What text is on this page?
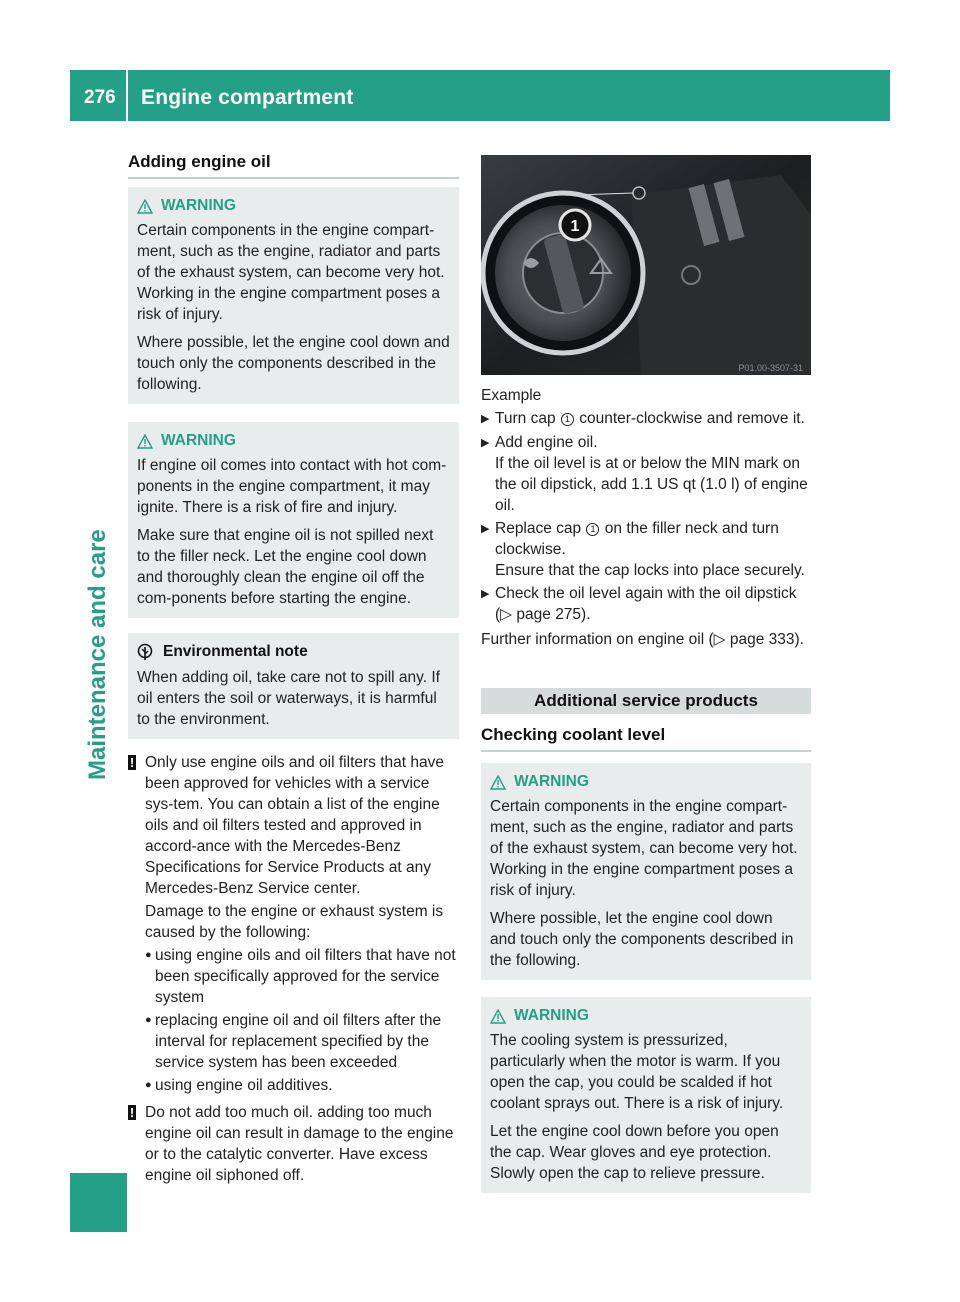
276 Engine compartment
Maintenance and care
Adding engine oil
WARNING

Certain components in the engine compart-ment, such as the engine, radiator and parts of the exhaust system, can become very hot. Working in the engine compartment poses a risk of injury.

Where possible, let the engine cool down and touch only the components described in the following.

WARNING

If engine oil comes into contact with hot com-ponents in the engine compartment, it may ignite. There is a risk of fire and injury.

Make sure that engine oil is not spilled next to the filler neck. Let the engine cool down and thoroughly clean the engine oil off the com-ponents before starting the engine.

Environmental note

When adding oil, take care not to spill any. If oil enters the soil or waterways, it is harmful to the environment.

! Only use engine oils and oil filters that have been approved for vehicles with a service sys-tem. You can obtain a list of the engine oils and oil filters tested and approved in accord-ance with the Mercedes-Benz Specifications for Service Products at any Mercedes-Benz Service center.

Damage to the engine or exhaust system is caused by the following:

● using engine oils and oil filters that have not been specifically approved for the service system
● replacing engine oil and oil filters after the interval for replacement specified by the service system has been exceeded
● using engine oil additives.
! Do not add too much oil. adding too much engine oil can result in damage to the engine or to the catalytic converter. Have excess engine oil siphoned off.

1
P01.00-3507-31

Example

▶ Turn cap 1 counter-clockwise and remove it.
▶ Add engine oil.
If the oil level is at or below the MIN mark on the oil dipstick, add 1.1 US qt (1.0 l) of engine oil.
▶ Replace cap 1 on the filler neck and turn clockwise.
Ensure that the cap locks into place securely.
▶ Check the oil level again with the oil dipstick (▷ page 275).

Further information on engine oil (▷ page 333).

Additional service products
Checking coolant level
WARNING

Certain components in the engine compart-ment, such as the engine, radiator and parts of the exhaust system, can become very hot. Working in the engine compartment poses a risk of injury.

Where possible, let the engine cool down and touch only the components described in the following.

WARNING

The cooling system is pressurized, particularly when the motor is warm. If you open the cap, you could be scalded if hot coolant sprays out. There is a risk of injury.

Let the engine cool down before you open the cap. Wear gloves and eye protection. Slowly open the cap to relieve pressure.
